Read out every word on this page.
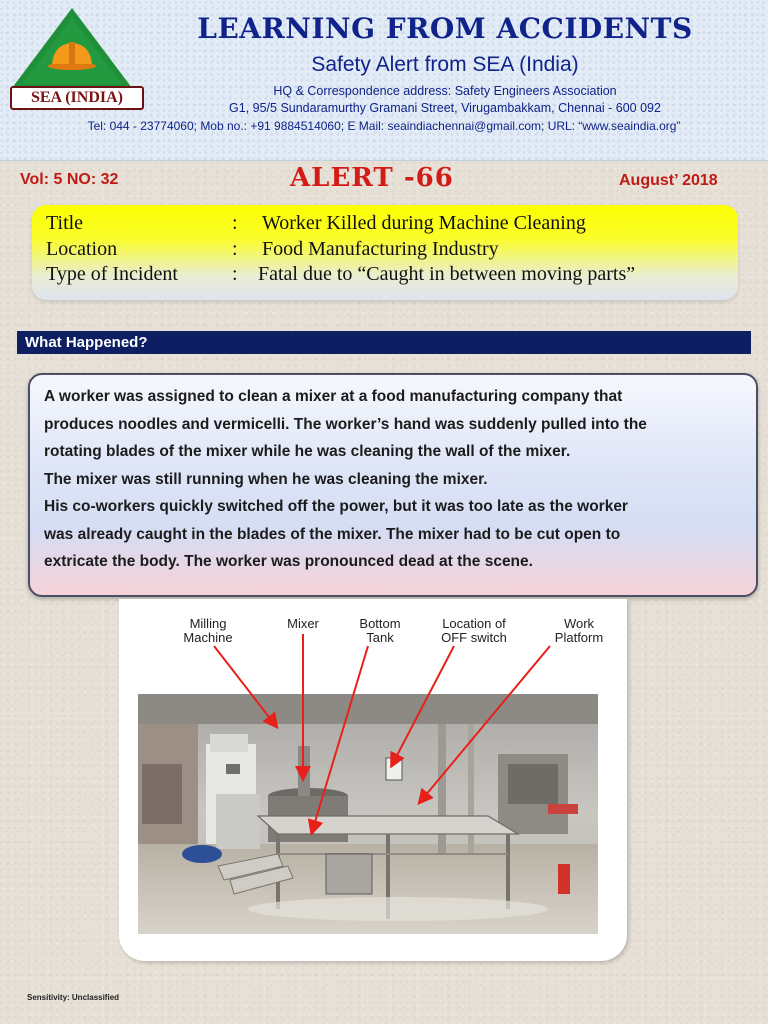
SEA (INDIA)
LEARNING FROM ACCIDENTS
Safety Alert from SEA (India)
HQ & Correspondence address: Safety Engineers Association
G1, 95/5 Sundaramurthy Gramani Street, Virugambakkam, Chennai - 600 092
Tel: 044 - 23774060; Mob no.: +91 9884514060; E Mail: seaindiachennai@gmail.com; URL: “www.seaindia.org”
Vol: 5 NO: 32	ALERT -66	August’ 2018
Title	: Worker Killed during Machine Cleaning
Location	: Food Manufacturing Industry
Type of Incident	: Fatal due to “Caught in between moving parts”
What Happened?

A worker was assigned to clean a mixer at a food manufacturing company that

produces noodles and vermicelli. The worker’s hand was suddenly pulled into the

rotating blades of the mixer while he was cleaning the wall of the mixer.

The mixer was still running when he was cleaning the mixer.

His co-workers quickly switched off the power, but it was too late as the worker

was already caught in the blades of the mixer. The mixer had to be cut open to

extricate the body. The worker was pronounced dead at the scene.

Milling
Machine
Mixer	Bottom
Tank
Location of
OFF switch
Work
Platform
Sensitivity: Unclassified
